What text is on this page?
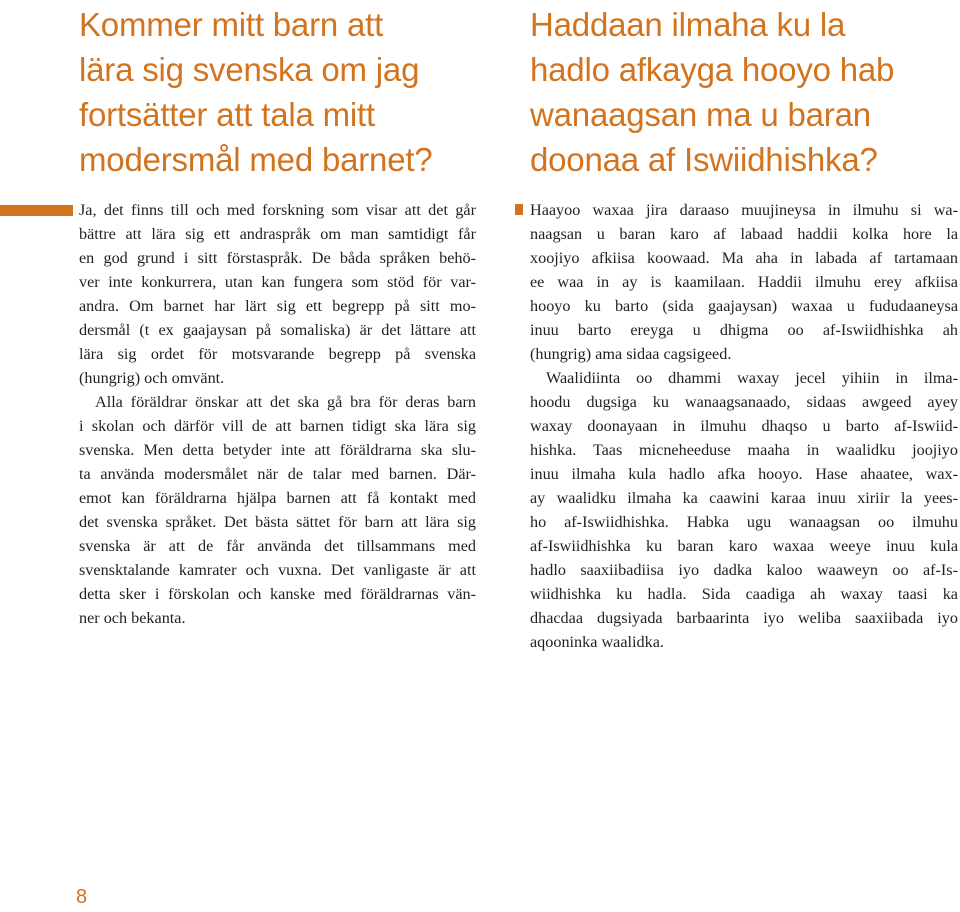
Kommer mitt barn att
lära sig svenska om jag
fortsätter att tala mitt
modersmål med barnet?
Ja, det finns till och med forskning som visar att det går
bättre att lära sig ett andraspråk om man samtidigt får
en god grund i sitt förstaspråk. De båda språken behö-
ver inte konkurrera, utan kan fungera som stöd för var-
andra. Om barnet har lärt sig ett begrepp på sitt mo-
dersmål (t ex gaajaysan på somaliska) är det lättare att
lära sig ordet för motsvarande begrepp på svenska
(hungrig) och omvänt.
Alla föräldrar önskar att det ska gå bra för deras barn
i skolan och därför vill de att barnen tidigt ska lära sig
svenska. Men detta betyder inte att föräldrarna ska slu-
ta använda modersmålet när de talar med barnen. Där-
emot kan föräldrarna hjälpa barnen att få kontakt med
det svenska språket. Det bästa sättet för barn att lära sig
svenska är att de får använda det tillsammans med
svensktalande kamrater och vuxna. Det vanligaste är att
detta sker i förskolan och kanske med föräldrarnas vän-
ner och bekanta.
Haddaan ilmaha ku la
hadlo afkayga hooyo hab
wanaagsan ma u baran
doonaa af Iswiidhishka?
Haayoo waxaa jira daraaso muujineysa in ilmuhu si wa-
naagsan u baran karo af labaad haddii kolka hore la
xoojiyo afkiisa koowaad. Ma aha in labada af tartamaan
ee waa in ay is kaamilaan. Haddii ilmuhu erey afkiisa
hooyo ku barto (sida gaajaysan) waxaa u fududaaneysa
inuu barto ereyga u dhigma oo af-Iswiidhishka ah
(hungrig) ama sidaa cagsigeed.
Waalidiinta oo dhammi waxay jecel yihiin in ilma-
hoodu dugsiga ku wanaagsanaado, sidaas awgeed ayey
waxay doonayaan in ilmuhu dhaqso u barto af-Iswiid-
hishka. Taas micneheeduse maaha in waalidku joojiyo
inuu ilmaha kula hadlo afka hooyo. Hase ahaatee, wax-
ay waalidku ilmaha ka caawini karaa inuu xiriir la yees-
ho af-Iswiidhishka. Habka ugu wanaagsan oo ilmuhu
af-Iswiidhishka ku baran karo waxaa weeye inuu kula
hadlo saaxiibadiisa iyo dadka kaloo waaweyn oo af-Is-
wiidhishka ku hadla. Sida caadiga ah waxay taasi ka
dhacdaa dugsiyada barbaarinta iyo weliba saaxiibada iyo
aqooninka waalidka.
8
